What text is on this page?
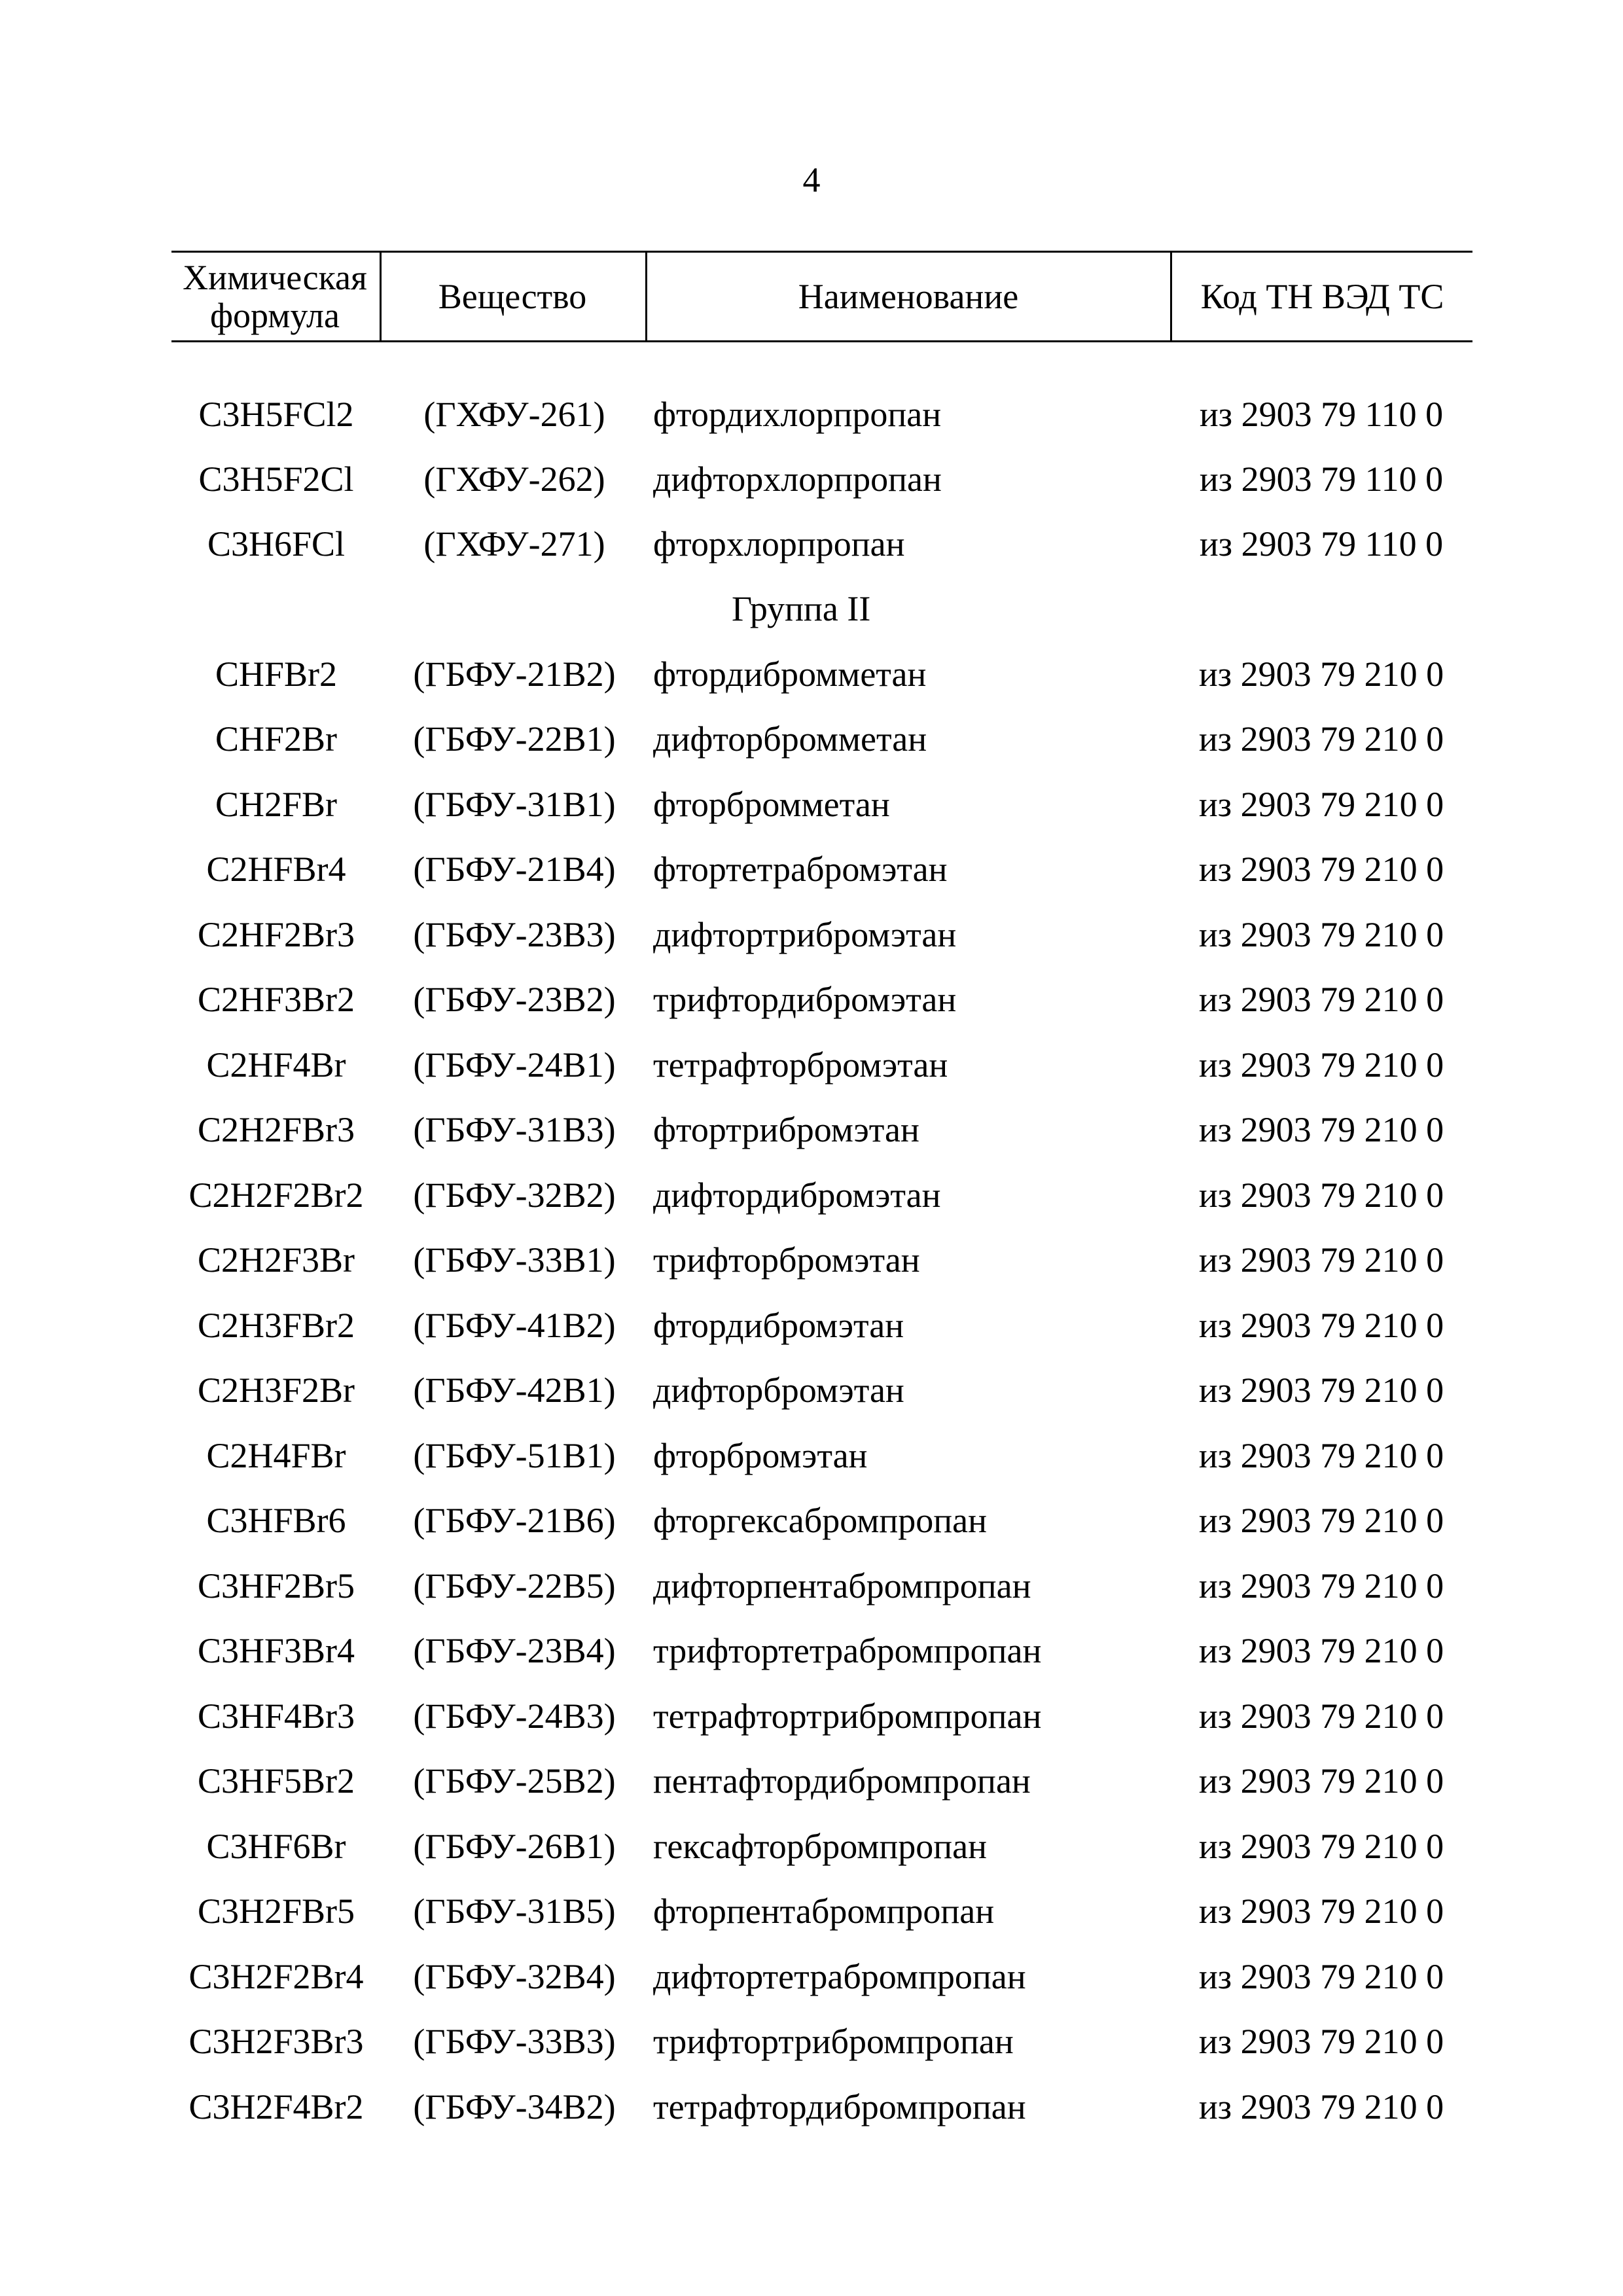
4
Химическая формула	Вещество	Наименование	Код ТН ВЭД ТС
C3H5FCl2	(ГХФУ-261)	фтордихлорпропан	из 2903 79 110 0
C3H5F2Cl	(ГХФУ-262)	дифторхлорпропан	из 2903 79 110 0
C3H6FCl	(ГХФУ-271)	фторхлорпропан	из 2903 79 110 0
Группа II
CHFBr2	(ГБФУ-21B2)	фтордибромметан	из 2903 79 210 0
CHF2Br	(ГБФУ-22B1)	дифторбромметан	из 2903 79 210 0
CH2FBr	(ГБФУ-31B1)	фторбромметан	из 2903 79 210 0
C2HFBr4	(ГБФУ-21B4)	фтортетрабромэтан	из 2903 79 210 0
C2HF2Br3	(ГБФУ-23B3)	дифтортрибромэтан	из 2903 79 210 0
C2HF3Br2	(ГБФУ-23B2)	трифтордибромэтан	из 2903 79 210 0
C2HF4Br	(ГБФУ-24B1)	тетрафторбромэтан	из 2903 79 210 0
C2H2FBr3	(ГБФУ-31B3)	фтортрибромэтан	из 2903 79 210 0
C2H2F2Br2	(ГБФУ-32B2)	дифтордибромэтан	из 2903 79 210 0
C2H2F3Br	(ГБФУ-33B1)	трифторбромэтан	из 2903 79 210 0
C2H3FBr2	(ГБФУ-41B2)	фтордибромэтан	из 2903 79 210 0
C2H3F2Br	(ГБФУ-42B1)	дифторбромэтан	из 2903 79 210 0
C2H4FBr	(ГБФУ-51B1)	фторбромэтан	из 2903 79 210 0
C3HFBr6	(ГБФУ-21B6)	фторгексабромпропан	из 2903 79 210 0
C3HF2Br5	(ГБФУ-22B5)	дифторпентабромпропан	из 2903 79 210 0
C3HF3Br4	(ГБФУ-23B4)	трифтортетрабромпропан	из 2903 79 210 0
C3HF4Br3	(ГБФУ-24B3)	тетрафтортрибромпропан	из 2903 79 210 0
C3HF5Br2	(ГБФУ-25B2)	пентафтордибромпропан	из 2903 79 210 0
C3HF6Br	(ГБФУ-26B1)	гексафторбромпропан	из 2903 79 210 0
C3H2FBr5	(ГБФУ-31B5)	фторпентабромпропан	из 2903 79 210 0
C3H2F2Br4	(ГБФУ-32B4)	дифтортетрабромпропан	из 2903 79 210 0
C3H2F3Br3	(ГБФУ-33B3)	трифтортрибромпропан	из 2903 79 210 0
C3H2F4Br2	(ГБФУ-34B2)	тетрафтордибромпропан	из 2903 79 210 0
